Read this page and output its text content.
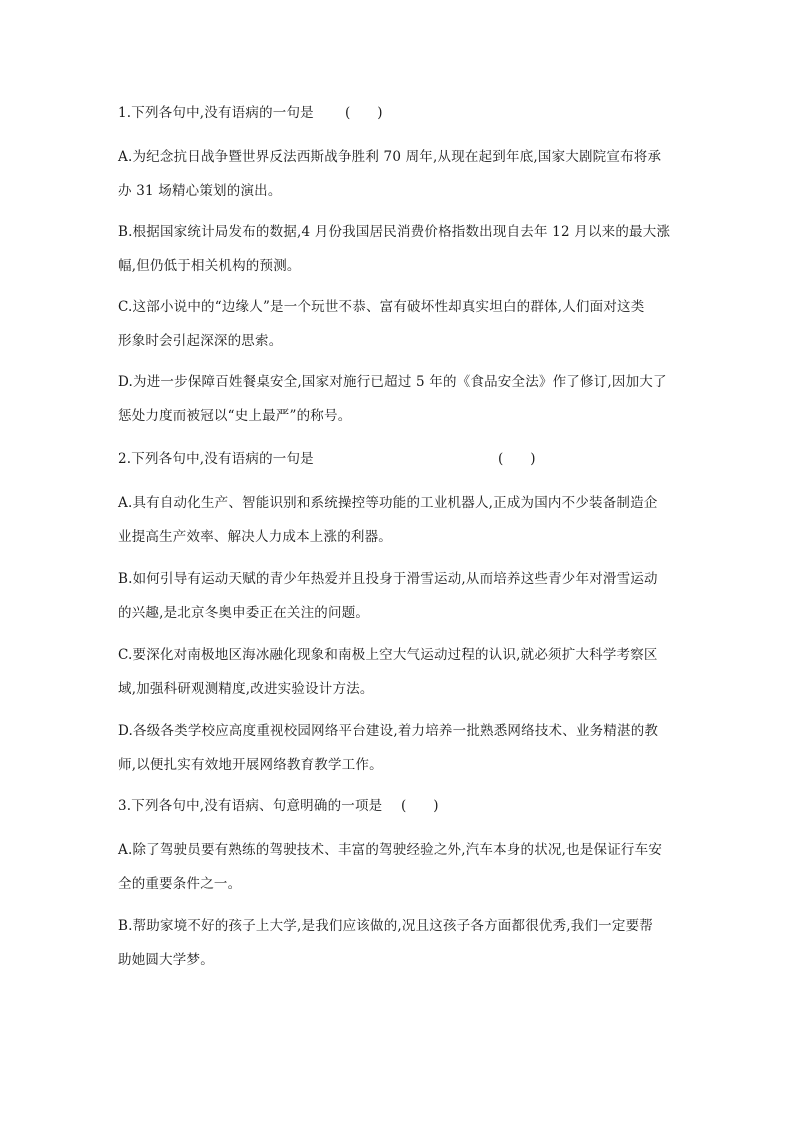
1.下列各句中,没有语病的一句是 (　　)
A.为纪念抗日战争暨世界反法西斯战争胜利 70 周年,从现在起到年底,国家大剧院宣布将承
办 31 场精心策划的演出。
B.根据国家统计局发布的数据,4 月份我国居民消费价格指数出现自去年 12 月以来的最大涨
幅,但仍低于相关机构的预测。
C.这部小说中的“边缘人”是一个玩世不恭、富有破坏性却真实坦白的群体,人们面对这类
形象时会引起深深的思索。
D.为进一步保障百姓餐桌安全,国家对施行已超过 5 年的《食品安全法》作了修订,因加大了
惩处力度而被冠以“史上最严”的称号。
2.下列各句中,没有语病的一句是	(　　)
A.具有自动化生产、智能识别和系统操控等功能的工业机器人,正成为国内不少装备制造企
业提高生产效率、解决人力成本上涨的利器。
B.如何引导有运动天赋的青少年热爱并且投身于滑雪运动,从而培养这些青少年对滑雪运动
的兴趣,是北京冬奥申委正在关注的问题。
C.要深化对南极地区海冰融化现象和南极上空大气运动过程的认识,就必须扩大科学考察区
域,加强科研观测精度,改进实验设计方法。
D.各级各类学校应高度重视校园网络平台建设,着力培养一批熟悉网络技术、业务精湛的教
师,以便扎实有效地开展网络教育教学工作。
3.下列各句中,没有语病、句意明确的一项是 (　　)
A.除了驾驶员要有熟练的驾驶技术、丰富的驾驶经验之外,汽车本身的状况,也是保证行车安
全的重要条件之一。
B.帮助家境不好的孩子上大学,是我们应该做的,况且这孩子各方面都很优秀,我们一定要帮
助她圆大学梦。
